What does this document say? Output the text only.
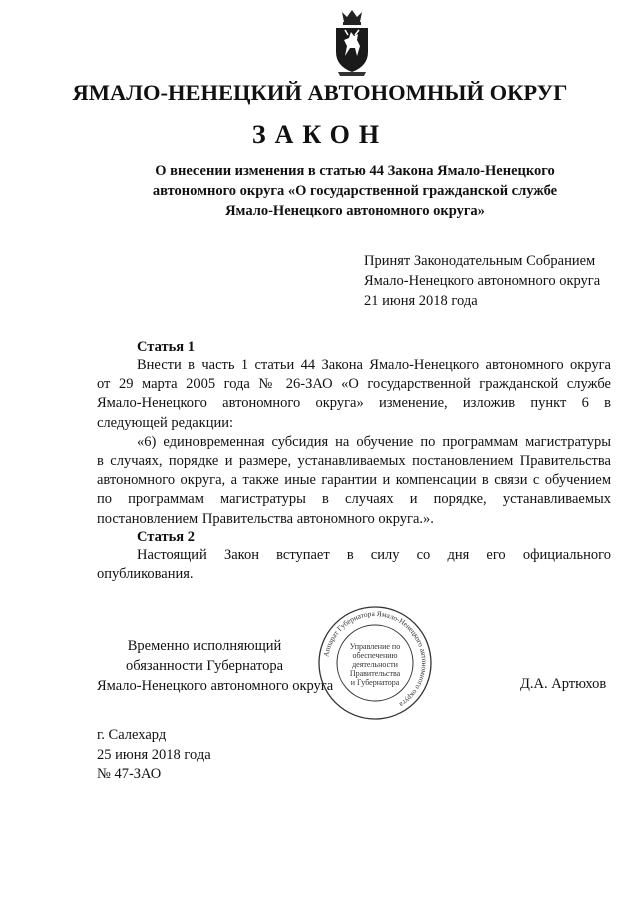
ЯМАЛО-НЕНЕЦКИЙ АВТОНОМНЫЙ ОКРУГ
ЗАКОН
О внесении изменения в статью 44 Закона Ямало-Ненецкого
автономного округа «О государственной гражданской службе
Ямало-Ненецкого автономного округа»
Принят Законодательным Собранием
Ямало-Ненецкого автономного округа
21 июня 2018 года
Статья 1
Внести в часть 1 статьи 44 Закона Ямало-Ненецкого автономного округа
от 29 марта 2005 года № 26-ЗАО «О государственной гражданской службе
Ямало-Ненецкого автономного округа» изменение, изложив пункт 6 в
следующей редакции:
«6) единовременная субсидия на обучение по программам магистратуры
в случаях, порядке и размере, устанавливаемых постановлением Правительства
автономного округа, а также иные гарантии и компенсации в связи с обучением
по программам магистратуры в случаях и порядке, устанавливаемых
постановлением Правительства автономного округа.».
Статья 2
Настоящий Закон вступает в силу со дня его официального
опубликования.
Временно исполняющий
обязанности Губернатора
Ямало-Ненецкого автономного округа
Аппарат Губернатора Ямало-Ненецкого автономного округа
Управление по
обеспечению
деятельности
Правительства
и Губернатора	Д.А. Артюхов
г. Салехард
25 июня 2018 года
№ 47-ЗАО
